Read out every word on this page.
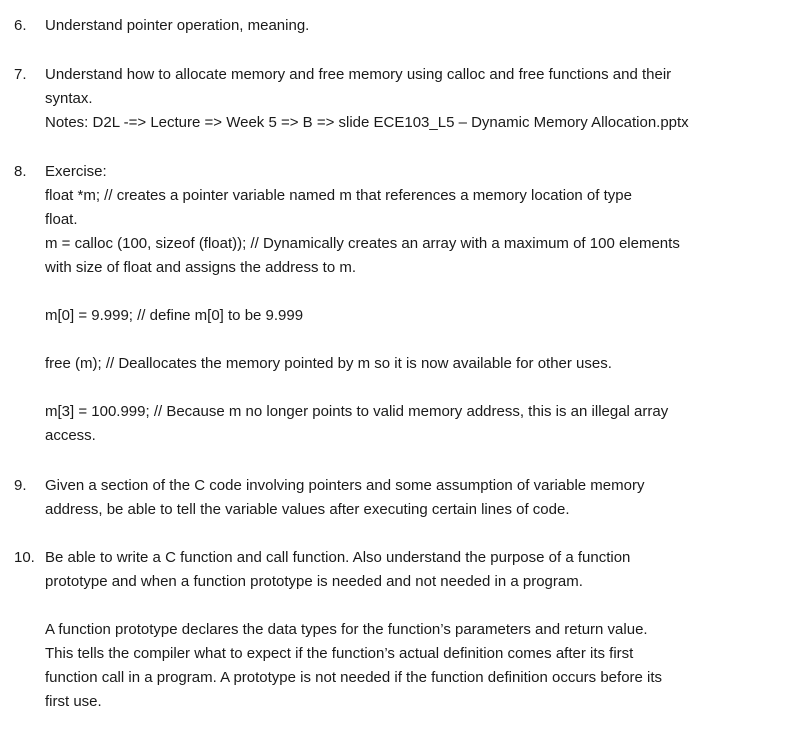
6. Understand pointer operation, meaning.
7. Understand how to allocate memory and free memory using calloc and free functions and their
syntax.
Notes: D2L -=> Lecture => Week 5 => B => slide ECE103_L5 – Dynamic Memory Allocation.pptx
8. Exercise:
float *m; // creates a pointer variable named m that references a memory location of type
float.
m = calloc (100, sizeof (float)); // Dynamically creates an array with a maximum of 100 elements
with size of float and assigns the address to m.
m[0] = 9.999; // define m[0] to be 9.999
free (m); // Deallocates the memory pointed by m so it is now available for other uses.
m[3] = 100.999; // Because m no longer points to valid memory address, this is an illegal array
access.
9. Given a section of the C code involving pointers and some assumption of variable memory
address, be able to tell the variable values after executing certain lines of code.
10. Be able to write a C function and call function. Also understand the purpose of a function
prototype and when a function prototype is needed and not needed in a program.
A function prototype declares the data types for the function’s parameters and return value.
This tells the compiler what to expect if the function’s actual definition comes after its first
function call in a program. A prototype is not needed if the function definition occurs before its
first use.
